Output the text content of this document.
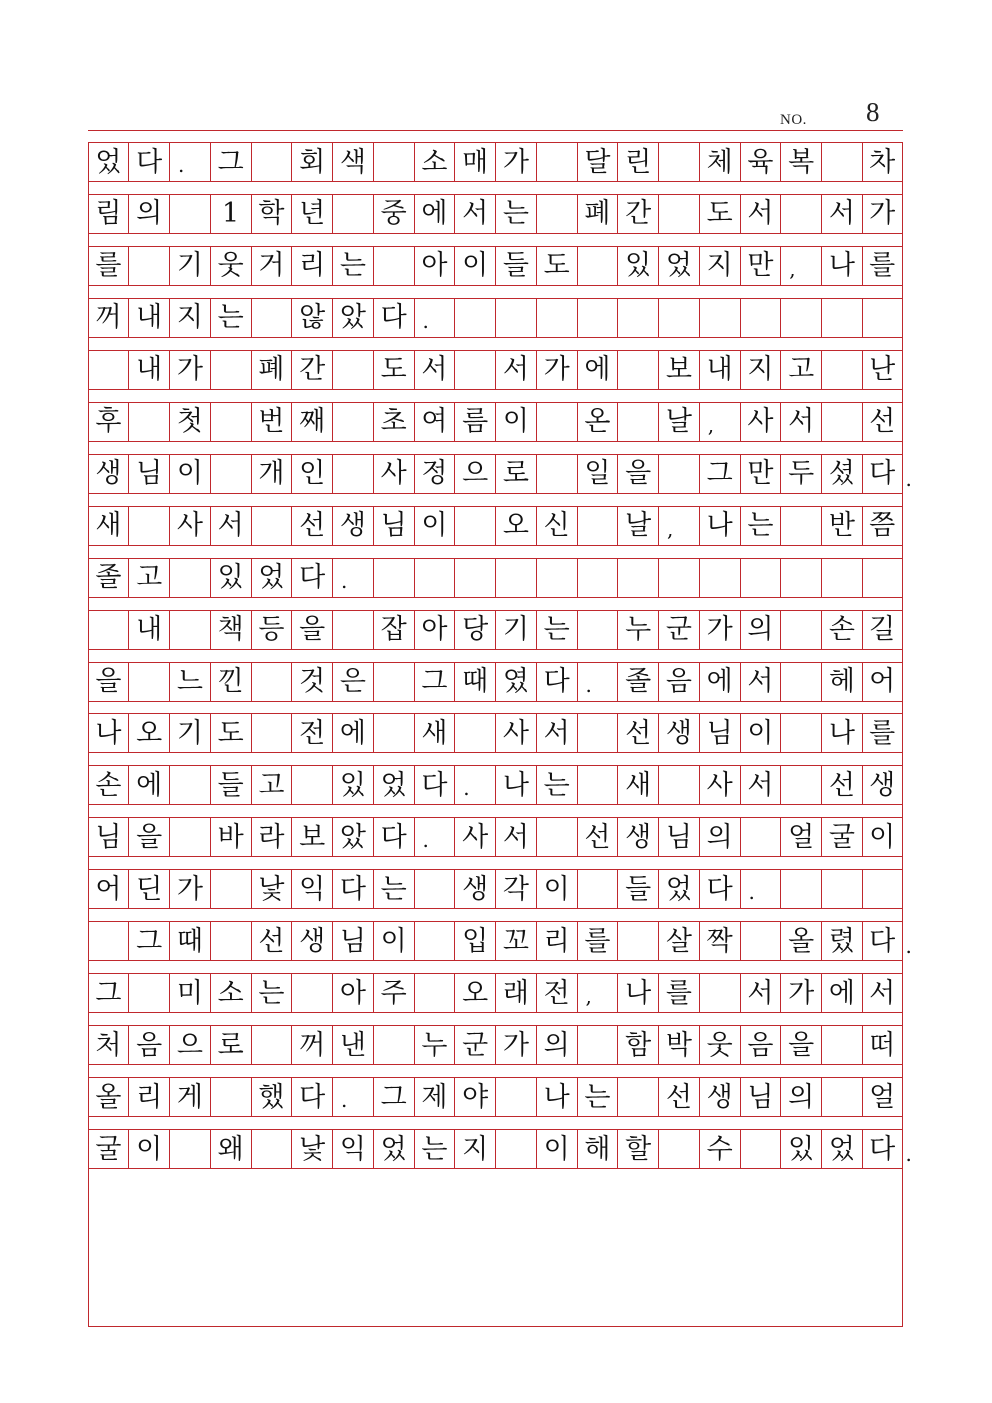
NO. 8
었 다 .	그 회 색 소 매 가 달 린 체 육 복 차
림 의	1 학 년 중 에 서 는 폐 간 도 서 서 가
를 기 웃 거 리 는 아 이 들 도 있 었 지 만 ,	나 를
꺼 내 지 는 않 았 다 .
내 가 폐 간 도 서 서 가 에 보 내 지 고 난
후 첫 번 째 초 여 름 이 온 날 ,	사 서 선
생 님 이 개 인 사 정 으 로 일 을 그 만 두 셨 다 .
새 사 서 선 생 님 이 오 신 날 ,	나 는 반 쯤
졸 고 있 었 다 .
내 책 등 을 잡 아 당 기 는 누 군 가 의 손 길
을 느 낀 것 은 그 때 였 다 .	졸 음 에 서 헤 어
나 오 기 도 전 에 새 사 서 선 생 님 이 나 를
손 에 들 고 있 었 다 .	나 는 새 사 서 선 생
님 을 바 라 보 았 다 .	사 서 선 생 님 의 얼 굴 이
어 딘 가 낯 익 다 는 생 각 이 들 었 다 .
그 때 선 생 님 이 입 꼬 리 를 살 짝 올 렸 다 .
그 미 소 는 아 주 오 래 전 ,	나 를 서 가 에 서
처 음 으 로 꺼 낸 누 군 가 의 함 박 웃 음 을 떠
올 리 게 했 다 .	그 제 야 나 는 선 생 님 의 얼
굴 이 왜 낯 익 었 는 지 이 해 할 수 있 었 다 .
